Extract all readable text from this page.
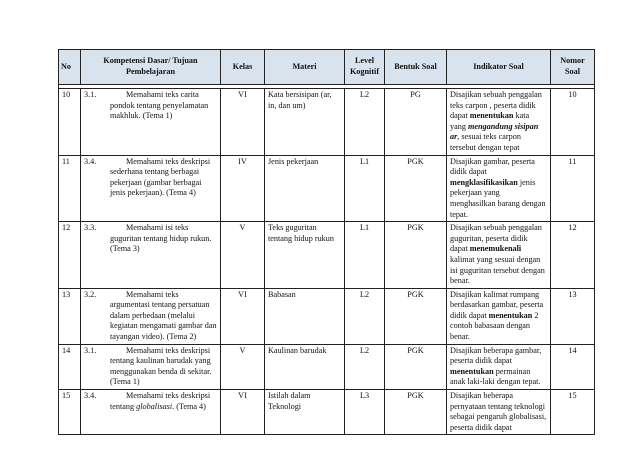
No	Kompetensi Dasar/ Tujuan Pembelajaran	Kelas	Materi	Level Kognitif	Bentuk Soal	Indikator Soal	Nomor Soal

10	3.1. Memahami teks carita pondok tentang penyelamatan makhluk. (Tema 1)	VI	Kata bersisipan (ar, in, dan um)	L2	PG	Disajikan sebuah penggalan teks carpon , peserta didik dapat menentukan kata yang mengandung sisipan ar, sesuai teks carpon tersebut dengan tepat	10
11	3.4. Memahami teks deskripsi sederhana tentang berbagai pekerjaan (gambar berbagai jenis pekerjaan). (Tema 4)	IV	Jenis pekerjaan	L1	PGK	Disajikan gambar, peserta didik dapat mengklasifikasikan jenis pekerjaan yang menghasilkan barang dengan tepat.	11
12	3.3. Memahami isi teks guguritan tentang hidup rukun. (Tema 3)	V	Teks guguritan tentang hidup rukun	L1	PGK	Disajikan sebuah penggalan guguritan, peserta didik dapat menemukenali kalimat yang sesuai dengan isi guguritan tersebut dengan benar.	12
13	3.2. Memahami teks argumentasi tentang persatuan dalam perbedaan (melalui kegiatan mengamati gambar dan tayangan video). (Tema 2)	VI	Babasan	L2	PGK	Disajikan kalimat rumpang berdasarkan gambar, peserta didik dapat menentukan 2 contoh babasaan dengan benar.	13
14	3.1. Memahami teks deskripsi tentang kaulinan barudak yang menggunakan benda di sekitar. (Tema 1)	V	Kaulinan barudak	L2	PGK	Disajikan beberapa gambar, peserta didik dapat menentukan permainan anak laki-laki dengan tepat.	14
15	3.4. Memahami teks deskripsi tentang globalisasi. (Tema 4)	VI	Istilah dalam Teknologi	L3	PGK	Disajikan beberapa pernyataan tentang teknologi sebagai pengaruh globalisasi, peserta didik dapat	15
